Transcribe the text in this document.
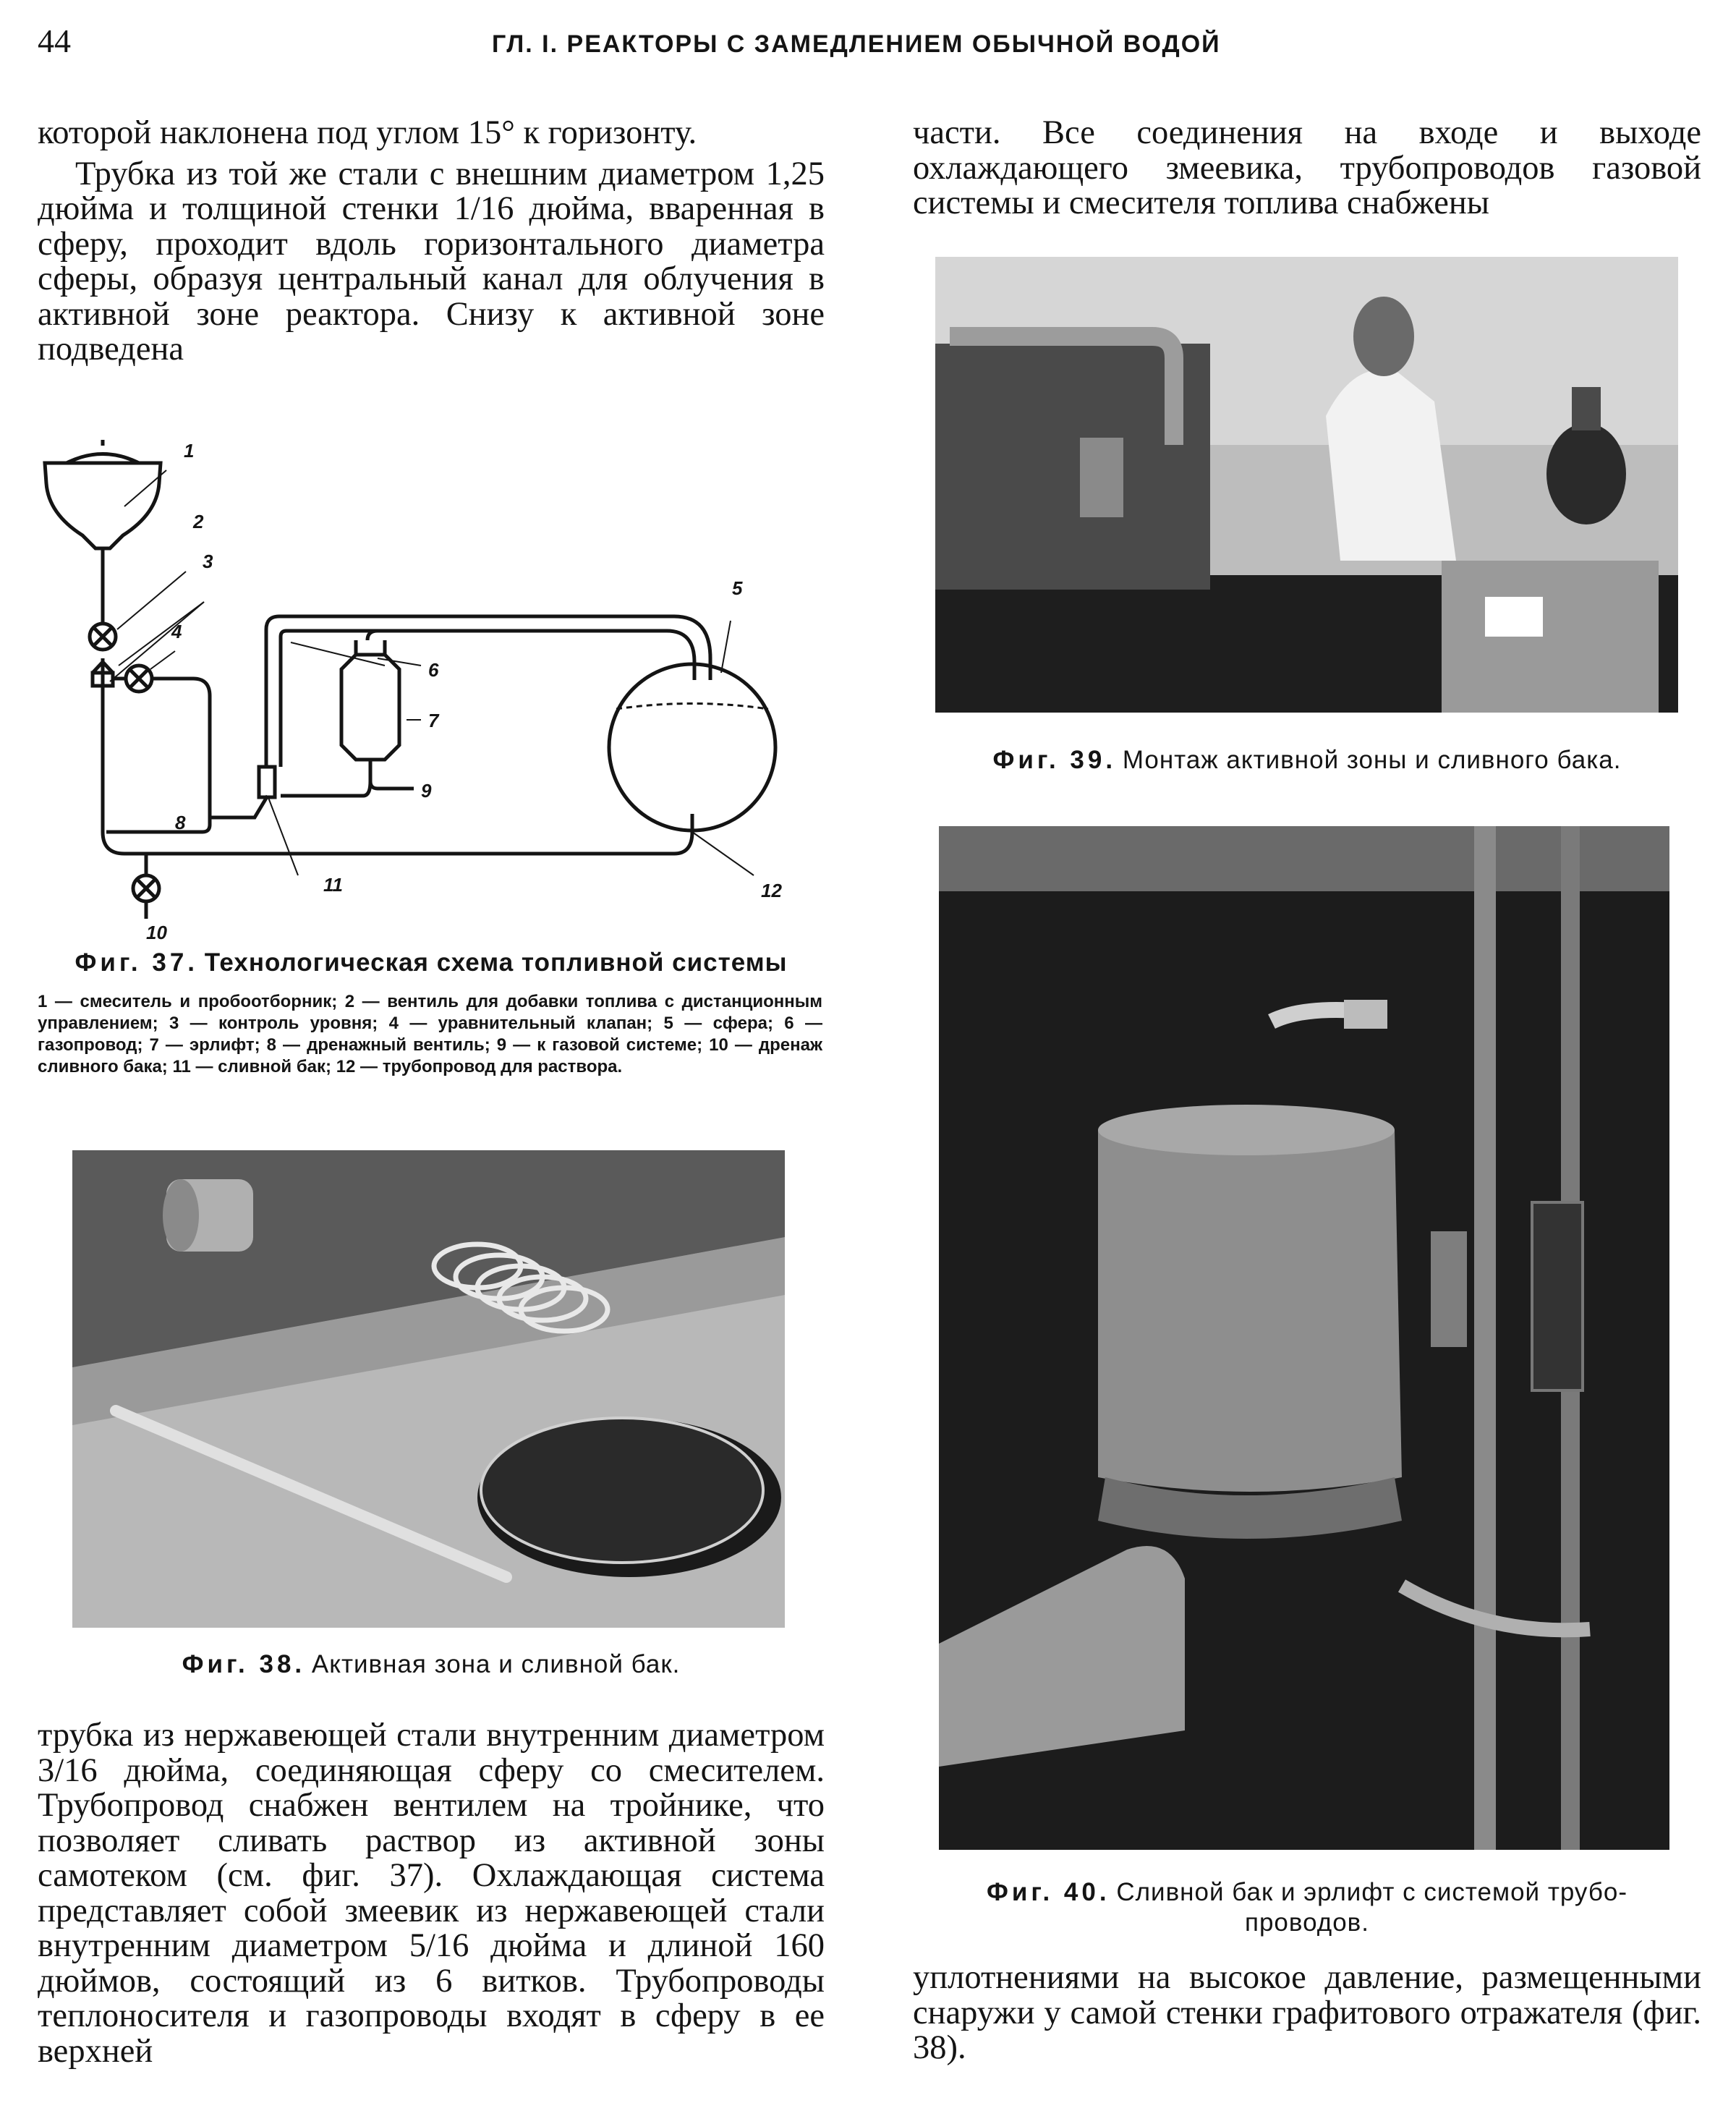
44	ГЛ. I. РЕАКТОРЫ С ЗАМЕДЛЕНИЕМ ОБЫЧНОЙ ВОДОЙ

которой наклонена под углом 15° к горизонту.

Трубка из той же стали с внешним диаметром 1,25 дюйма и толщиной стенки 1/16 дюйма, вваренная в сферу, проходит вдоль горизонтального диаметра сферы, образуя центральный канал для облучения в активной зоне реактора. Снизу к активной зоне подведена

1
2
3
4
5
6
7
8
9
10
11	12
Фиг. 37. Технологическая схема топливной системы
1 — смеситель и пробоотборник; 2 — вентиль для добавки топлива с дистанционным управлением; 3 — контроль уровня; 4 — уравнительный клапан; 5 — сфера; 6 — газопровод; 7 — эрлифт; 8 — дренажный вентиль; 9 — к газовой системе; 10 — дренаж сливного бака; 11 — сливной бак; 12 — трубопровод для раствора.
Фиг. 38. Активная зона и сливной бак.

трубка из нержавеющей стали внутренним диаметром 3/16 дюйма, соединяющая сферу со смесителем. Трубопровод снабжен вентилем на тройнике, что позволяет сливать раствор из активной зоны самотеком (см. фиг. 37). Охлаждающая система представляет собой змеевик из нержавеющей стали внутренним диаметром 5/16 дюйма и длиной 160 дюймов, состоящий из 6 витков. Трубопроводы теплоносителя и газопроводы входят в сферу в ее верхней

части. Все соединения на входе и выходе охлаждающего змеевика, трубопроводов газовой системы и смесителя топлива снабжены

Фиг. 39. Монтаж активной зоны и сливного бака.
Фиг. 40. Сливной бак и эрлифт с системой трубо-
проводов.

уплотнениями на высокое давление, размещенными снаружи у самой стенки графитового отражателя (фиг. 38).
